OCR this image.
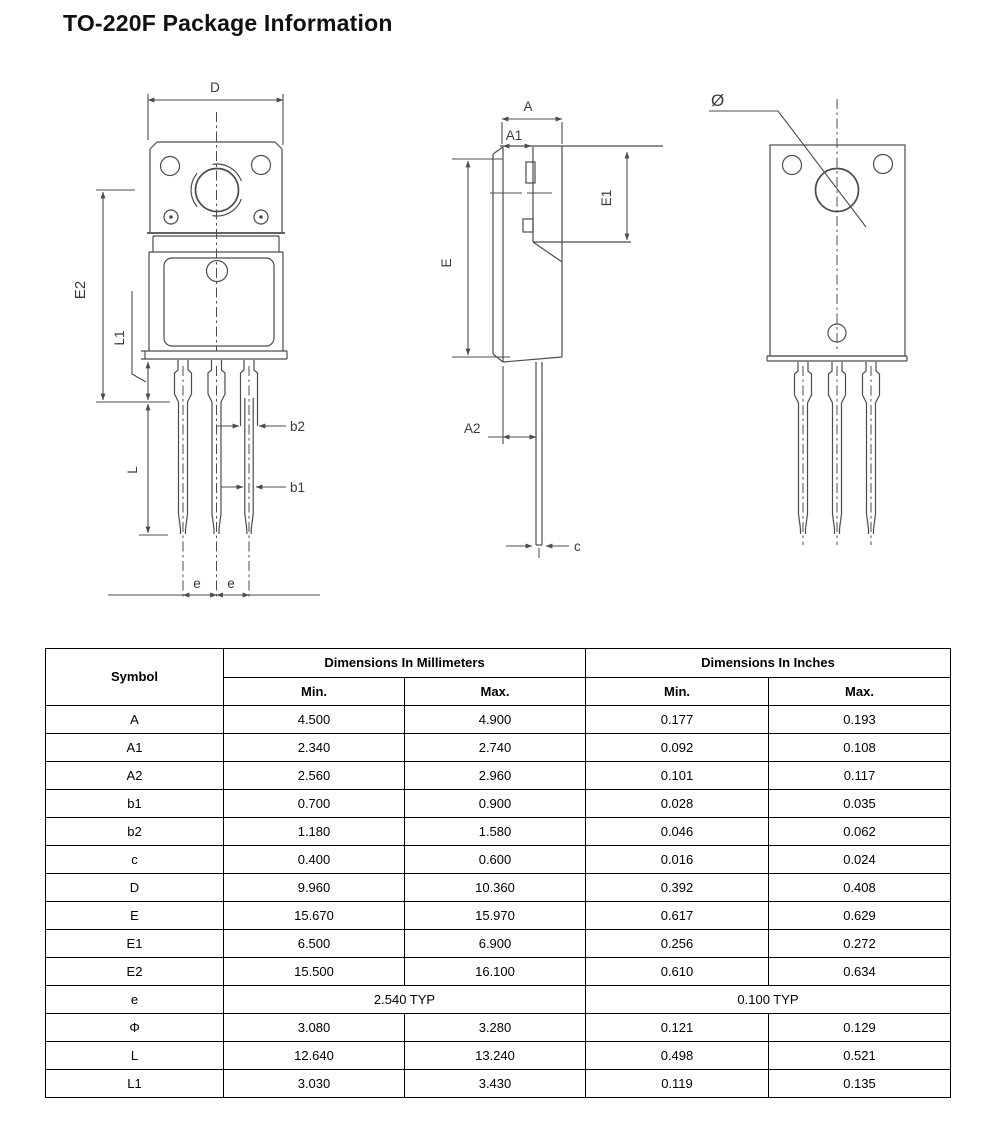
TO-220F Package Information
D
E2
L1
L
b2
b1
e e
A
A1
E
E1
A2
c
Ø
Symbol	Dimensions In Millimeters		Dimensions In Inches	
	Min.	Max.	Min.	Max.
A	4.500	4.900	0.177	0.193
A1	2.340	2.740	0.092	0.108
A2	2.560	2.960	0.101	0.117
b1	0.700	0.900	0.028	0.035
b2	1.180	1.580	0.046	0.062
c	0.400	0.600	0.016	0.024
D	9.960	10.360	0.392	0.408
E	15.670	15.970	0.617	0.629
E1	6.500	6.900	0.256	0.272
E2	15.500	16.100	0.610	0.634
e	2.540 TYP		0.100 TYP	
Φ	3.080	3.280	0.121	0.129
L	12.640	13.240	0.498	0.521
L1	3.030	3.430	0.119	0.135
